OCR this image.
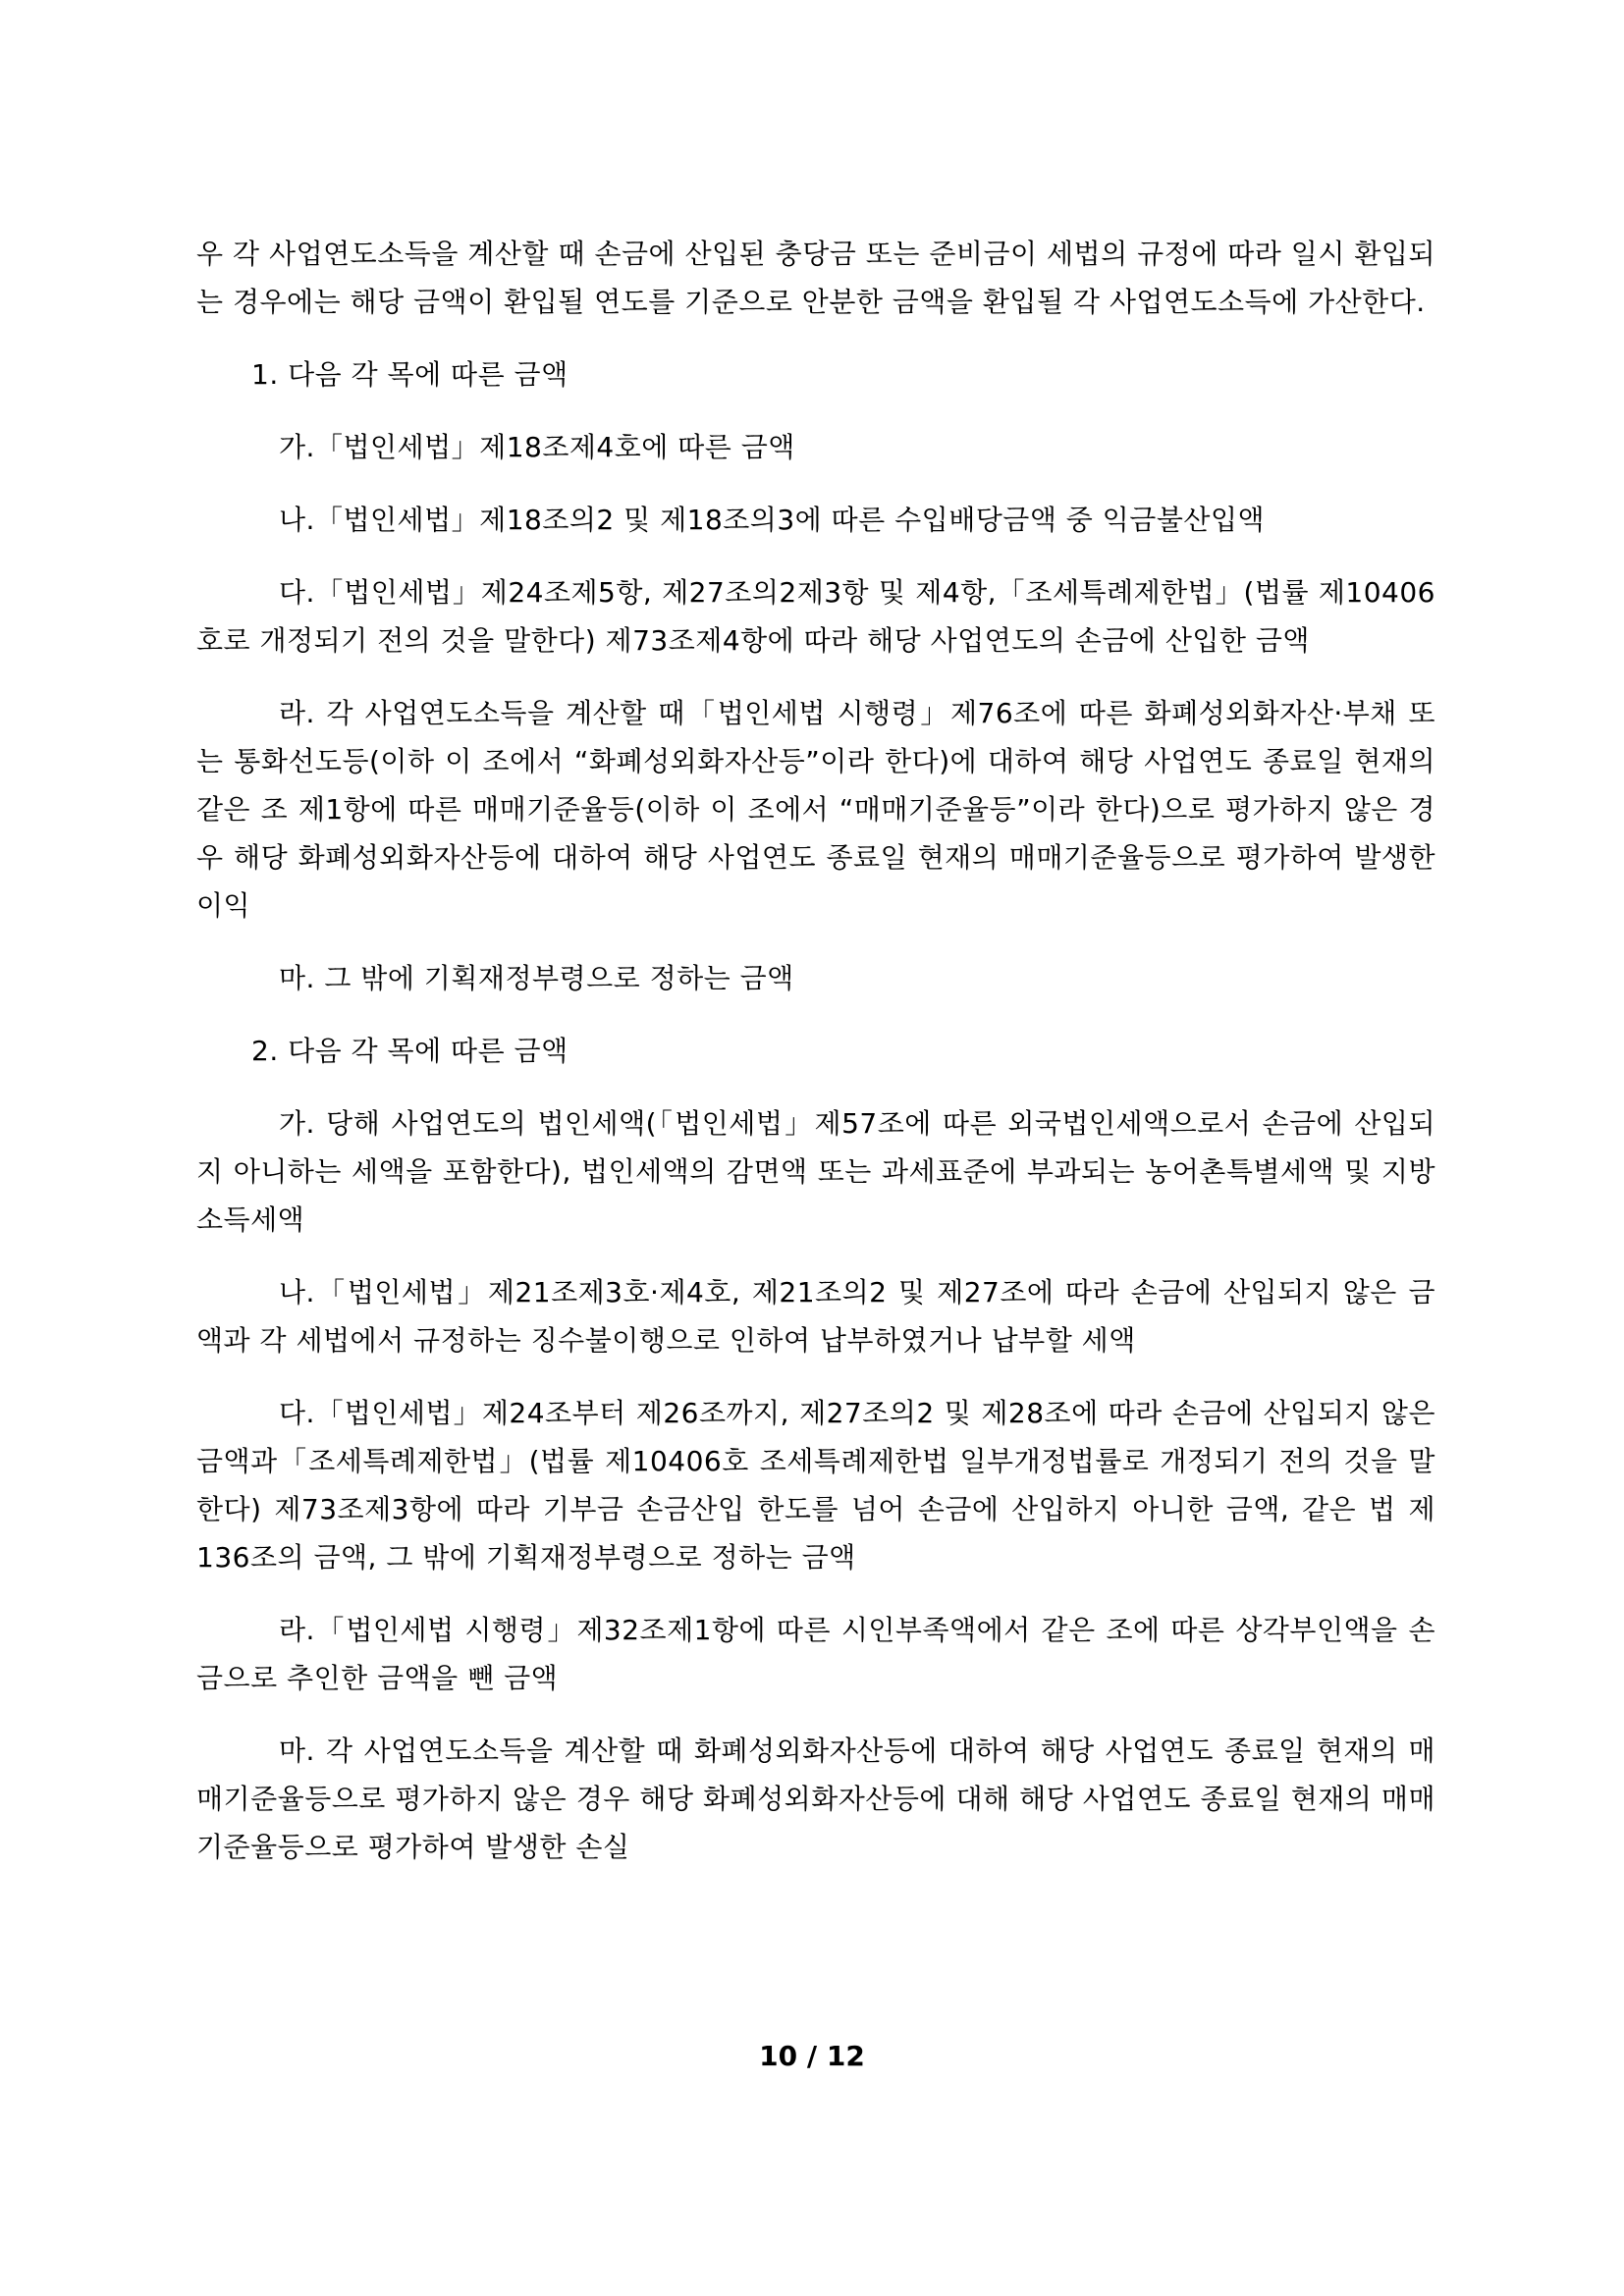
우 각 사업연도소득을 계산할 때 손금에 산입된 충당금 또는 준비금이 세법의 규정에 따라 일시 환입되는 경우에는 해당 금액이 환입될 연도를 기준으로 안분한 금액을 환입될 각 사업연도소득에 가산한다.

1. 다음 각 목에 따른 금액

가.「법인세법」제18조제4호에 따른 금액

나.「법인세법」제18조의2 및 제18조의3에 따른 수입배당금액 중 익금불산입액

다.「법인세법」제24조제5항, 제27조의2제3항 및 제4항,「조세특례제한법」(법률 제10406호로 개정되기 전의 것을 말한다) 제73조제4항에 따라 해당 사업연도의 손금에 산입한 금액

라. 각 사업연도소득을 계산할 때「법인세법 시행령」제76조에 따른 화폐성외화자산·부채 또는 통화선도등(이하 이 조에서 “화폐성외화자산등”이라 한다)에 대하여 해당 사업연도 종료일 현재의 같은 조 제1항에 따른 매매기준율등(이하 이 조에서 “매매기준율등”이라 한다)으로 평가하지 않은 경우 해당 화폐성외화자산등에 대하여 해당 사업연도 종료일 현재의 매매기준율등으로 평가하여 발생한 이익

마. 그 밖에 기획재정부령으로 정하는 금액

2. 다음 각 목에 따른 금액

가. 당해 사업연도의 법인세액(「법인세법」제57조에 따른 외국법인세액으로서 손금에 산입되지 아니하는 세액을 포함한다), 법인세액의 감면액 또는 과세표준에 부과되는 농어촌특별세액 및 지방소득세액

나.「법인세법」제21조제3호·제4호, 제21조의2 및 제27조에 따라 손금에 산입되지 않은 금액과 각 세법에서 규정하는 징수불이행으로 인하여 납부하였거나 납부할 세액

다.「법인세법」제24조부터 제26조까지, 제27조의2 및 제28조에 따라 손금에 산입되지 않은 금액과「조세특례제한법」(법률 제10406호 조세특례제한법 일부개정법률로 개정되기 전의 것을 말한다) 제73조제3항에 따라 기부금 손금산입 한도를 넘어 손금에 산입하지 아니한 금액, 같은 법 제136조의 금액, 그 밖에 기획재정부령으로 정하는 금액

라.「법인세법 시행령」제32조제1항에 따른 시인부족액에서 같은 조에 따른 상각부인액을 손금으로 추인한 금액을 뺀 금액

마. 각 사업연도소득을 계산할 때 화폐성외화자산등에 대하여 해당 사업연도 종료일 현재의 매매기준율등으로 평가하지 않은 경우 해당 화폐성외화자산등에 대해 해당 사업연도 종료일 현재의 매매기준율등으로 평가하여 발생한 손실

10 / 12
